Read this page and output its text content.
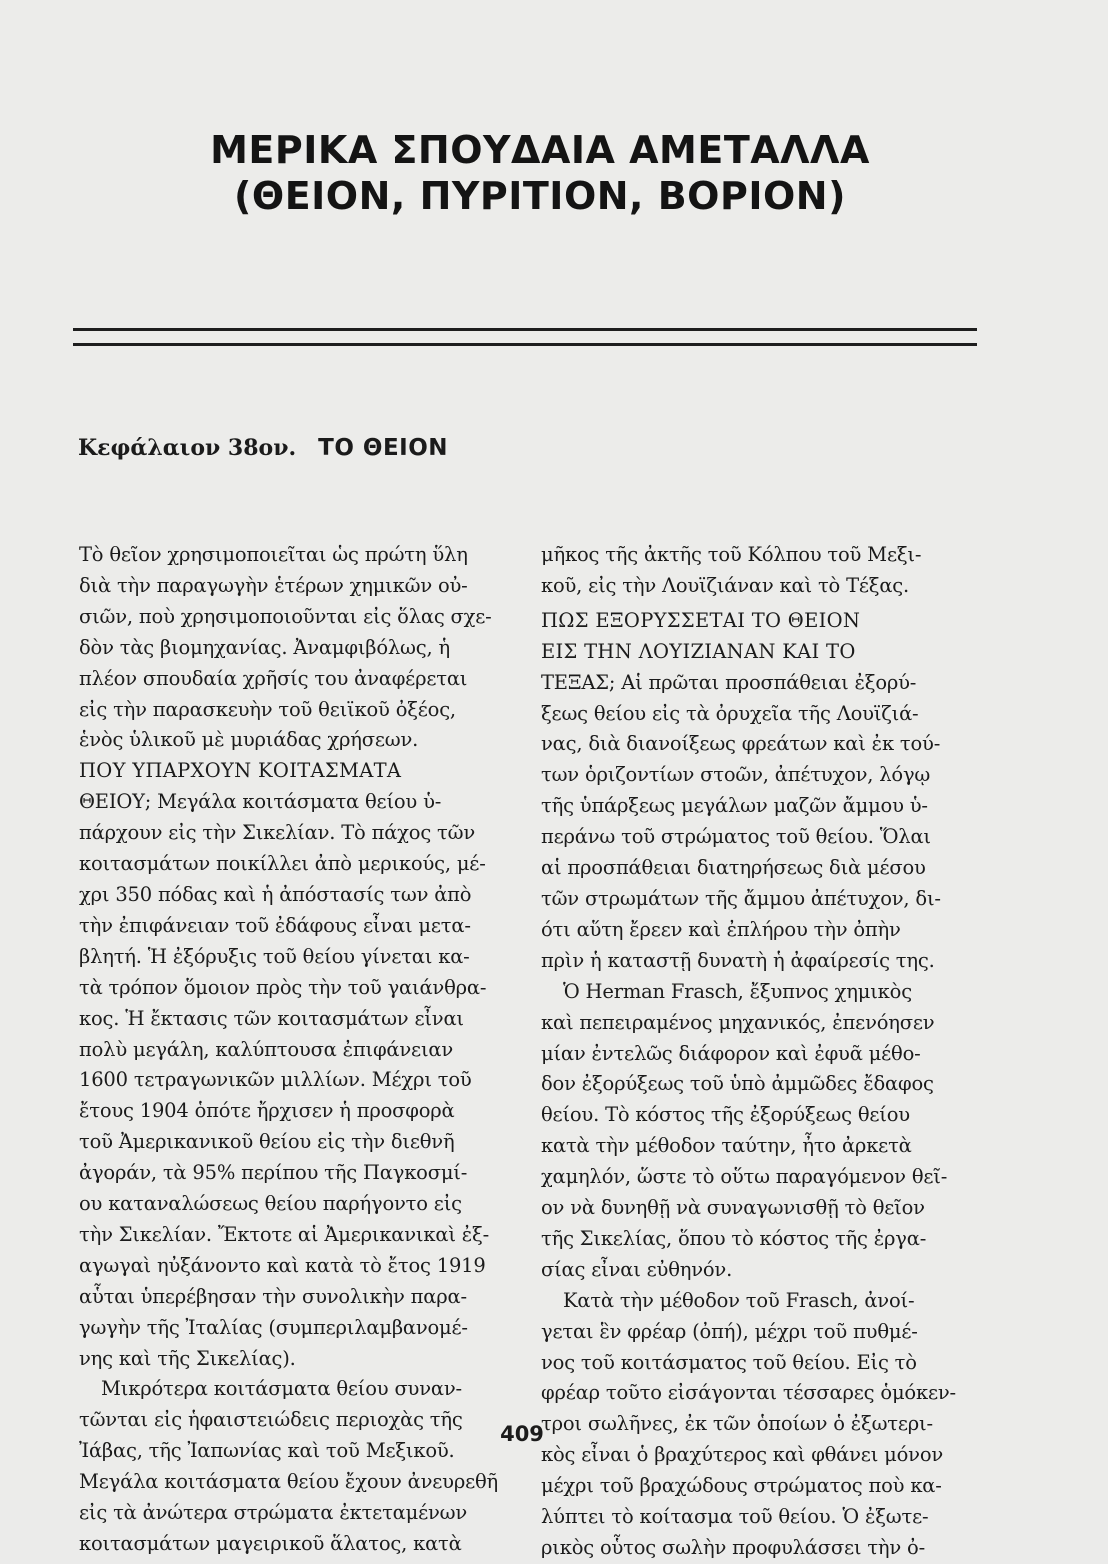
ΜΕΡΙΚΑ ΣΠΟΥΔΑΙΑ ΑΜΕΤΑΛΛΑ
(ΘΕΙΟΝ, ΠΥΡΙΤΙΟΝ, ΒΟΡΙΟΝ)
Κεφάλαιον 38ον. ΤΟ ΘΕΙΟΝ

Τὸ θεῖον χρησιμοποιεῖται ὡς πρώτη ὕλη

διὰ τὴν παραγωγὴν ἑτέρων χημικῶν οὐ-

σιῶν, ποὺ χρησιμοποιοῦνται εἰς ὅλας σχε-

δὸν τὰς βιομηχανίας. Ἀναμφιβόλως, ἡ

πλέον σπουδαία χρῆσίς του ἀναφέρεται

εἰς τὴν παρασκευὴν τοῦ θειϊκοῦ ὀξέος,

ἑνὸς ὑλικοῦ μὲ μυριάδας χρήσεων.

ΠΟΥ ΥΠΑΡΧΟΥΝ ΚΟΙΤΑΣΜΑΤΑ

ΘΕΙΟΥ; Μεγάλα κοιτάσματα θείου ὑ-

πάρχουν εἰς τὴν Σικελίαν. Τὸ πάχος τῶν

κοιτασμάτων ποικίλλει ἀπὸ μερικούς, μέ-

χρι 350 πόδας καὶ ἡ ἀπόστασίς των ἀπὸ

τὴν ἐπιφάνειαν τοῦ ἐδάφους εἶναι μετα-

βλητή. Ἡ ἐξόρυξις τοῦ θείου γίνεται κα-

τὰ τρόπον ὅμοιον πρὸς τὴν τοῦ γαιάνθρα-

κος. Ἡ ἔκτασις τῶν κοιτασμάτων εἶναι

πολὺ μεγάλη, καλύπτουσα ἐπιφάνειαν

1600 τετραγωνικῶν μιλλίων. Μέχρι τοῦ

ἔτους 1904 ὁπότε ἤρχισεν ἡ προσφορὰ

τοῦ Ἀμερικανικοῦ θείου εἰς τὴν διεθνῆ

ἀγοράν, τὰ 95% περίπου τῆς Παγκοσμί-

ου καταναλώσεως θείου παρήγοντο εἰς

τὴν Σικελίαν. Ἔκτοτε αἱ Ἀμερικανικαὶ ἐξ-

αγωγαὶ ηὐξάνοντο καὶ κατὰ τὸ ἔτος 1919

αὗται ὑπερέβησαν τὴν συνολικὴν παρα-

γωγὴν τῆς Ἰταλίας (συμπεριλαμβανομέ-

νης καὶ τῆς Σικελίας).

Μικρότερα κοιτάσματα θείου συναν-

τῶνται εἰς ἡφαιστειώδεις περιοχὰς τῆς

Ἰάβας, τῆς Ἰαπωνίας καὶ τοῦ Μεξικοῦ.

Μεγάλα κοιτάσματα θείου ἔχουν ἀνευρεθῆ

εἰς τὰ ἀνώτερα στρώματα ἐκτεταμένων

κοιτασμάτων μαγειρικοῦ ἅλατος, κατὰ

μῆκος τῆς ἀκτῆς τοῦ Κόλπου τοῦ Μεξι-

κοῦ, εἰς τὴν Λουϊζιάναν καὶ τὸ Τέξας.

ΠΩΣ ΕΞΟΡΥΣΣΕΤΑΙ ΤΟ ΘΕΙΟΝ

ΕΙΣ ΤΗΝ ΛΟΥΙΖΙΑΝΑΝ ΚΑΙ ΤΟ

ΤΕΞΑΣ; Αἱ πρῶται προσπάθειαι ἐξορύ-

ξεως θείου εἰς τὰ ὀρυχεῖα τῆς Λουϊζιά-

νας, διὰ διανοίξεως φρεάτων καὶ ἐκ τού-

των ὁριζοντίων στοῶν, ἀπέτυχον, λόγῳ

τῆς ὑπάρξεως μεγάλων μαζῶν ἄμμου ὑ-

περάνω τοῦ στρώματος τοῦ θείου. Ὅλαι

αἱ προσπάθειαι διατηρήσεως διὰ μέσου

τῶν στρωμάτων τῆς ἄμμου ἀπέτυχον, δι-

ότι αὕτη ἔρεεν καὶ ἐπλήρου τὴν ὀπὴν

πρὶν ἡ καταστῇ δυνατὴ ἡ ἀφαίρεσίς της.

Ὁ Herman Frasch, ἔξυπνος χημικὸς

καὶ πεπειραμένος μηχανικός, ἐπενόησεν

μίαν ἐντελῶς διάφορον καὶ ἐφυᾶ μέθο-

δον ἐξορύξεως τοῦ ὑπὸ ἀμμῶδες ἔδαφος

θείου. Τὸ κόστος τῆς ἐξορύξεως θείου

κατὰ τὴν μέθοδον ταύτην, ἦτο ἀρκετὰ

χαμηλόν, ὥστε τὸ οὕτω παραγόμενον θεῖ-

ον νὰ δυνηθῇ νὰ συναγωνισθῇ τὸ θεῖον

τῆς Σικελίας, ὅπου τὸ κόστος τῆς ἐργα-

σίας εἶναι εὐθηνόν.

Κατὰ τὴν μέθοδον τοῦ Frasch, ἀνοί-

γεται ἓν φρέαρ (ὀπή), μέχρι τοῦ πυθμέ-

νος τοῦ κοιτάσματος τοῦ θείου. Εἰς τὸ

φρέαρ τοῦτο εἰσάγονται τέσσαρες ὁμόκεν-

τροι σωλῆνες, ἐκ τῶν ὁποίων ὁ ἐξωτερι-

κὸς εἶναι ὁ βραχύτερος καὶ φθάνει μόνον

μέχρι τοῦ βραχώδους στρώματος ποὺ κα-

λύπτει τὸ κοίτασμα τοῦ θείου. Ὁ ἐξωτε-

ρικὸς οὗτος σωλὴν προφυλάσσει τὴν ὀ-

409
